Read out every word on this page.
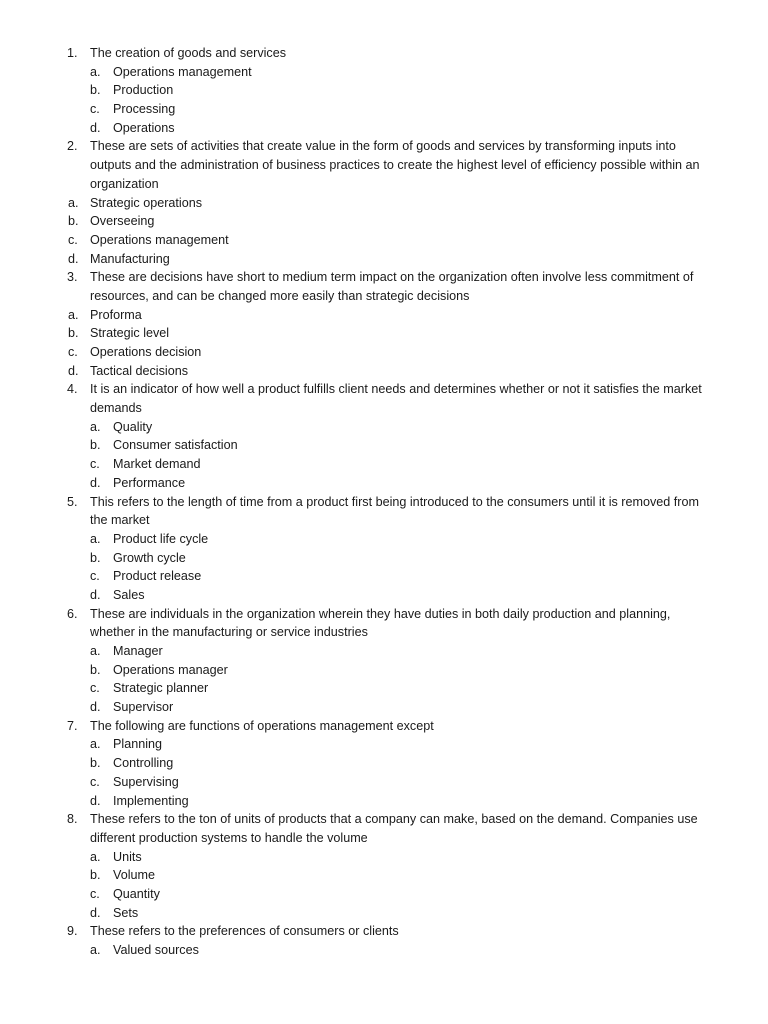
1. The creation of goods and services
a. Operations management
b. Production
c. Processing
d. Operations
2. These are sets of activities that create value in the form of goods and services by transforming inputs into
outputs and the administration of business practices to create the highest level of efficiency possible within an
organization
a. Strategic operations
b. Overseeing
c. Operations management
d. Manufacturing
3. These are decisions have short to medium term impact on the organization often involve less commitment of
resources, and can be changed more easily than strategic decisions
a. Proforma
b. Strategic level
c. Operations decision
d. Tactical decisions
4. It is an indicator of how well a product fulfills client needs and determines whether or not it satisfies the market
demands
a. Quality
b. Consumer satisfaction
c. Market demand
d. Performance
5. This refers to the length of time from a product first being introduced to the consumers until it is removed from
the market
a. Product life cycle
b. Growth cycle
c. Product release
d. Sales
6. These are individuals in the organization wherein they have duties in both daily production and planning,
whether in the manufacturing or service industries
a. Manager
b. Operations manager
c. Strategic planner
d. Supervisor
7. The following are functions of operations management except
a. Planning
b. Controlling
c. Supervising
d. Implementing
8. These refers to the ton of units of products that a company can make, based on the demand. Companies use
different production systems to handle the volume
a. Units
b. Volume
c. Quantity
d. Sets
9. These refers to the preferences of consumers or clients
a. Valued sources
